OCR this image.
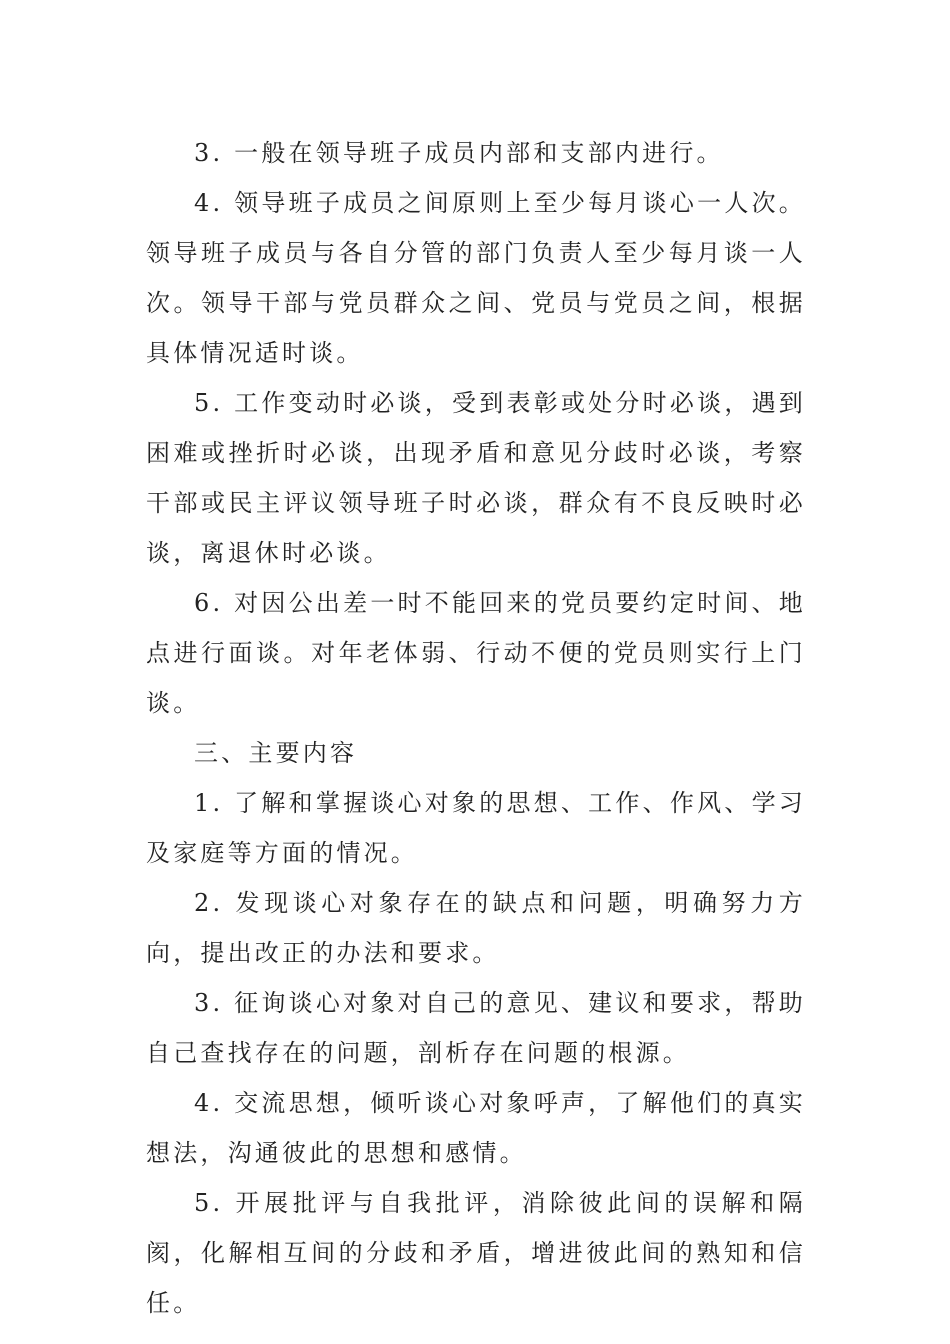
3. 一般在领导班子成员内部和支部内进行。

4. 领导班子成员之间原则上至少每月谈心一人次。领导班子成员与各自分管的部门负责人至少每月谈一人次。领导干部与党员群众之间、党员与党员之间，根据具体情况适时谈。

5. 工作变动时必谈，受到表彰或处分时必谈，遇到困难或挫折时必谈，出现矛盾和意见分歧时必谈，考察干部或民主评议领导班子时必谈，群众有不良反映时必谈，离退休时必谈。

6. 对因公出差一时不能回来的党员要约定时间、地点进行面谈。对年老体弱、行动不便的党员则实行上门谈。

三、主要内容

1. 了解和掌握谈心对象的思想、工作、作风、学习及家庭等方面的情况。

2. 发现谈心对象存在的缺点和问题，明确努力方向，提出改正的办法和要求。

3. 征询谈心对象对自己的意见、建议和要求，帮助自己查找存在的问题，剖析存在问题的根源。

4. 交流思想，倾听谈心对象呼声，了解他们的真实想法，沟通彼此的思想和感情。

5. 开展批评与自我批评，消除彼此间的误解和隔阂，化解相互间的分歧和矛盾，增进彼此间的熟知和信任。
